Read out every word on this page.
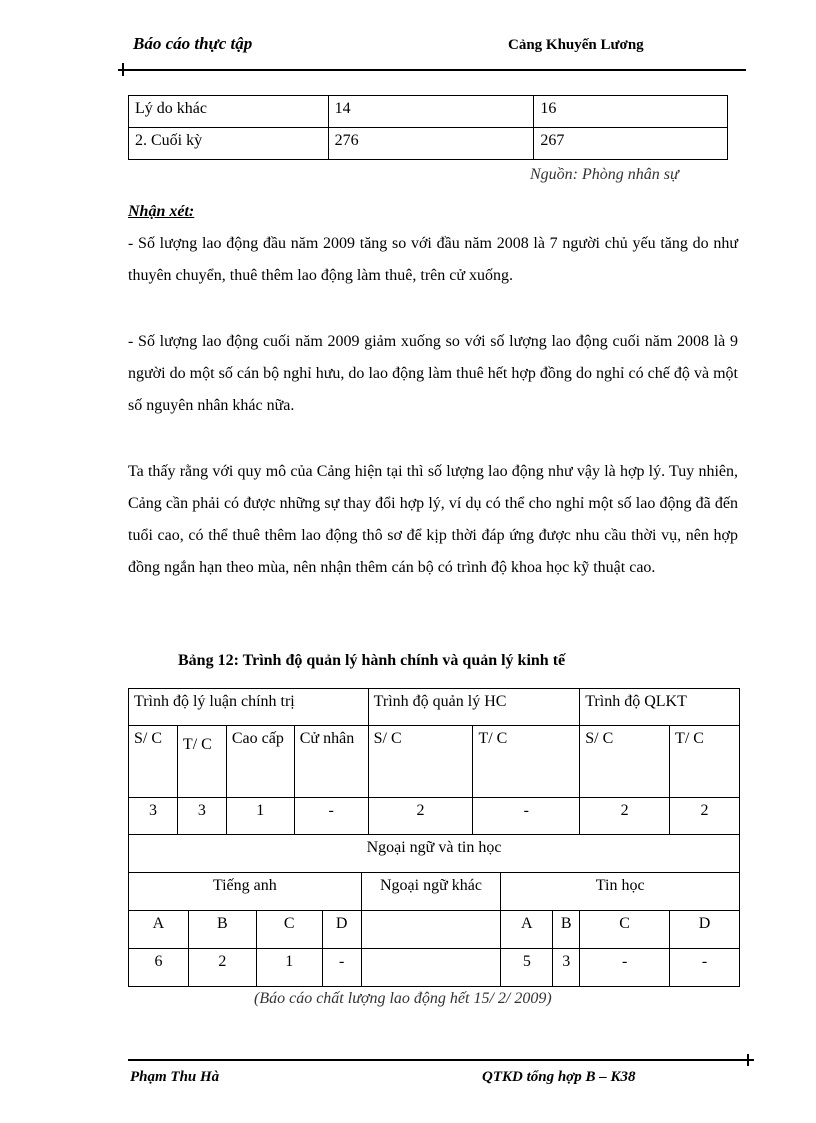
Báo cáo thực tập	Cảng Khuyến Lương
Lý do khác	14	16
2. Cuối kỳ	276	267
Nguồn: Phòng nhân sự
Nhận xét:
- Số lượng lao động đầu năm 2009 tăng so với đầu năm 2008 là 7 người chủ yếu tăng do như thuyên chuyển, thuê thêm lao động làm thuê, trên cử xuống.
- Số lượng lao động cuối năm 2009 giảm xuống so với số lượng lao động cuối năm 2008 là 9 người do một số cán bộ nghỉ hưu, do lao động làm thuê hết hợp đồng do nghỉ có chế độ và một số nguyên nhân khác nữa.
Ta thấy rằng với quy mô của Cảng hiện tại thì số lượng lao động như vậy là hợp lý. Tuy nhiên, Cảng cần phải có được những sự thay đổi hợp lý, ví dụ có thể cho nghỉ một số lao động đã đến tuổi cao, có thể thuê thêm lao động thô sơ để kịp thời đáp ứng được nhu cầu thời vụ, nên hợp đồng ngắn hạn theo mùa, nên nhận thêm cán bộ có trình độ khoa học kỹ thuật cao.
Bảng 12: Trình độ quản lý hành chính và quản lý kinh tế
Trình độ lý luận chính trị				Trình độ quản lý HC		Trình độ QLKT	
S/ C	T/ C	Cao cấp	Cử nhân	S/ C	T/ C	S/ C	T/ C
3	3	1	-	2	-	2	2
Ngoại ngữ và tin học								
Tiếng anh				Ngoại ngữ khác	Tin học			
A	B	C	D		A	B	C	D
6	2	1	-		5	3	-	-
(Báo cáo chất lượng lao động hết 15/ 2/ 2009)
Phạm Thu Hà	QTKD tổng hợp B – K38
